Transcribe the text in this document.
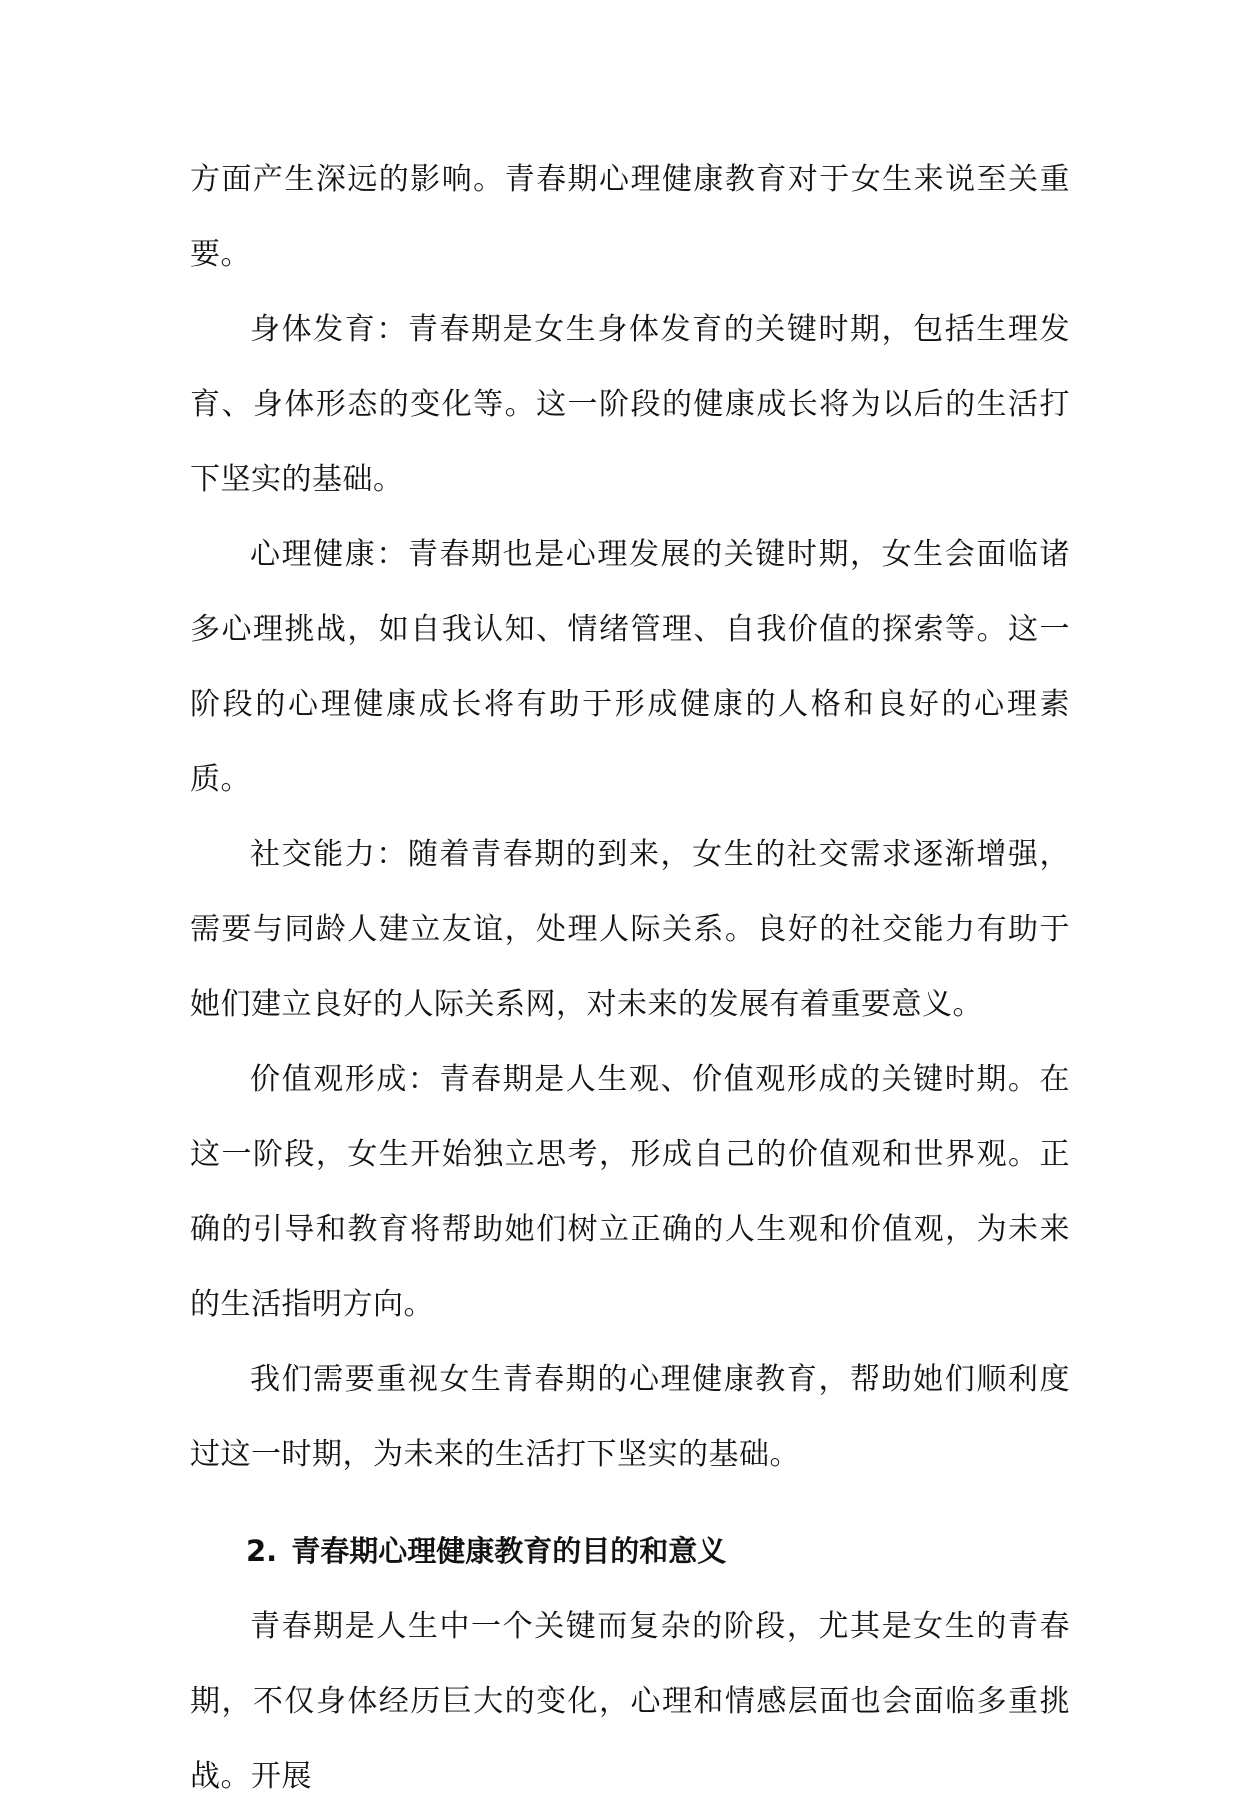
方面产生深远的影响。青春期心理健康教育对于女生来说至关重要。

身体发育：青春期是女生身体发育的关键时期，包括生理发育、身体形态的变化等。这一阶段的健康成长将为以后的生活打下坚实的基础。

心理健康：青春期也是心理发展的关键时期，女生会面临诸多心理挑战，如自我认知、情绪管理、自我价值的探索等。这一阶段的心理健康成长将有助于形成健康的人格和良好的心理素质。

社交能力：随着青春期的到来，女生的社交需求逐渐增强，需要与同龄人建立友谊，处理人际关系。良好的社交能力有助于她们建立良好的人际关系网，对未来的发展有着重要意义。

价值观形成：青春期是人生观、价值观形成的关键时期。在这一阶段，女生开始独立思考，形成自己的价值观和世界观。正确的引导和教育将帮助她们树立正确的人生观和价值观，为未来的生活指明方向。

我们需要重视女生青春期的心理健康教育，帮助她们顺利度过这一时期，为未来的生活打下坚实的基础。

2. 青春期心理健康教育的目的和意义

青春期是人生中一个关键而复杂的阶段，尤其是女生的青春期，不仅身体经历巨大的变化，心理和情感层面也会面临多重挑战。开展
